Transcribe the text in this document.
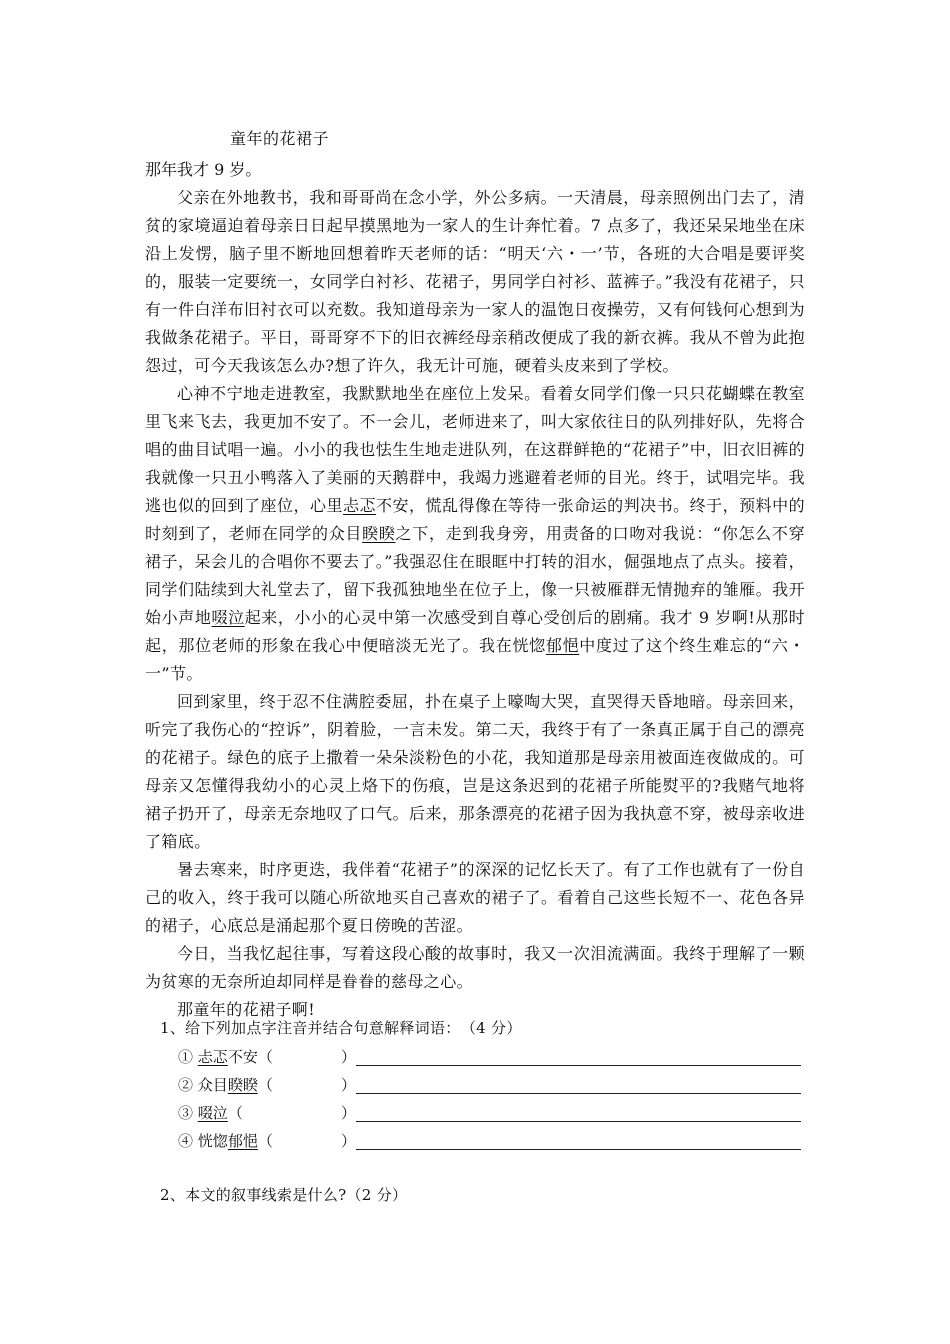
童年的花裙子
那年我才 9 岁。

父亲在外地教书，我和哥哥尚在念小学，外公多病。一天清晨，母亲照例出门去了，清贫的家境逼迫着母亲日日起早摸黑地为一家人的生计奔忙着。7 点多了，我还呆呆地坐在床沿上发愣，脑子里不断地回想着昨天老师的话：“明天‘六・一’节，各班的大合唱是要评奖的，服装一定要统一，女同学白衬衫、花裙子，男同学白衬衫、蓝裤子。”我没有花裙子，只有一件白洋布旧衬衣可以充数。我知道母亲为一家人的温饱日夜操劳，又有何钱何心想到为我做条花裙子。平日，哥哥穿不下的旧衣裤经母亲稍改便成了我的新衣裤。我从不曾为此抱怨过，可今天我该怎么办?想了许久，我无计可施，硬着头皮来到了学校。

心神不宁地走进教室，我默默地坐在座位上发呆。看着女同学们像一只只花蝴蝶在教室里飞来飞去，我更加不安了。不一会儿，老师进来了，叫大家依往日的队列排好队，先将合唱的曲目试唱一遍。小小的我也怯生生地走进队列，在这群鲜艳的“花裙子”中，旧衣旧裤的我就像一只丑小鸭落入了美丽的天鹅群中，我竭力逃避着老师的目光。终于，试唱完毕。我逃也似的回到了座位，心里忐忑不安，慌乱得像在等待一张命运的判决书。终于，预料中的时刻到了，老师在同学的众目睽睽之下，走到我身旁，用责备的口吻对我说：“你怎么不穿裙子，呆会儿的合唱你不要去了。”我强忍住在眼眶中打转的泪水，倔强地点了点头。接着，同学们陆续到大礼堂去了，留下我孤独地坐在位子上，像一只被雁群无情抛弃的雏雁。我开始小声地啜泣起来，小小的心灵中第一次感受到自尊心受创后的剧痛。我才 9 岁啊!从那时起，那位老师的形象在我心中便暗淡无光了。我在恍惚郁悒中度过了这个终生难忘的“六・一”节。

回到家里，终于忍不住满腔委屈，扑在桌子上嚎啕大哭，直哭得天昏地暗。母亲回来，听完了我伤心的“控诉”，阴着脸，一言未发。第二天，我终于有了一条真正属于自己的漂亮的花裙子。绿色的底子上撒着一朵朵淡粉色的小花，我知道那是母亲用被面连夜做成的。可母亲又怎懂得我幼小的心灵上烙下的伤痕，岂是这条迟到的花裙子所能熨平的?我赌气地将裙子扔开了，母亲无奈地叹了口气。后来，那条漂亮的花裙子因为我执意不穿，被母亲收进了箱底。

暑去寒来，时序更迭，我伴着“花裙子”的深深的记忆长天了。有了工作也就有了一份自己的收入，终于我可以随心所欲地买自己喜欢的裙子了。看着自己这些长短不一、花色各异的裙子，心底总是涌起那个夏日傍晚的苦涩。

今日，当我忆起往事，写着这段心酸的故事时，我又一次泪流满面。我终于理解了一颗为贫寒的无奈所迫却同样是眷眷的慈母之心。

那童年的花裙子啊!

1、给下列加点字注音并结合句意解释词语：　（4 分）
① 忐忑不安（	）
② 众目睽睽（	）
③ 啜泣（	）
④ 恍惚郁悒（	）
2、本文的叙事线索是什么?（2 分）
